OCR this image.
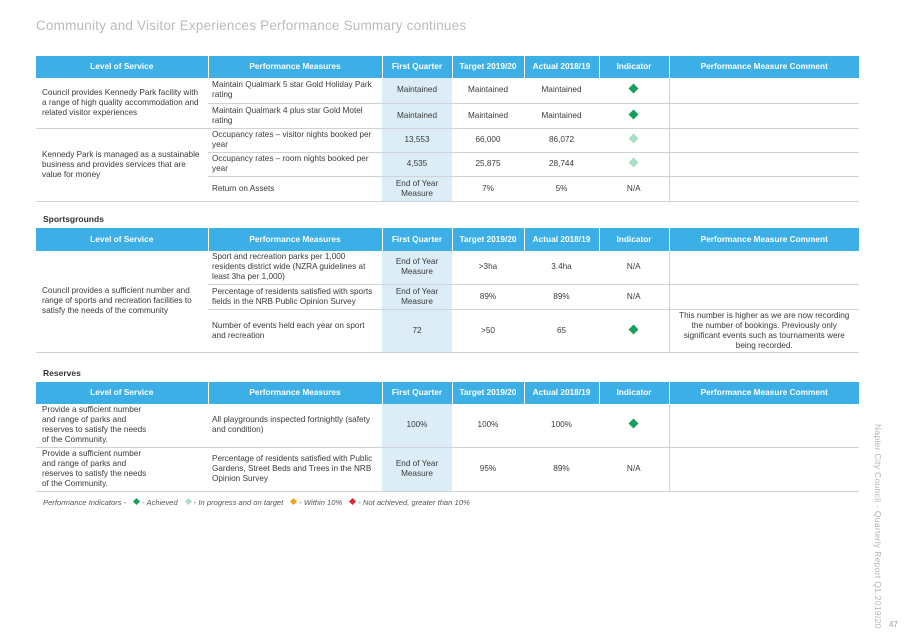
Community and Visitor Experiences Performance Summary continues
Level of Service	Performance Measures	First Quarter	Target 2019/20	Actual 2018/19	Indicator	Performance Measure Comment

Council provides Kennedy Park facility with a range of high quality accommodation and related visitor experiences	Maintain Qualmark 5 star Gold Holiday Park rating	Maintained	Maintained	Maintained		
	Maintain Qualmark 4 plus star Gold Motel rating	Maintained	Maintained	Maintained		

Kennedy Park is managed as a sustainable business and provides services that are value for money	Occupancy rates – visitor nights booked per year	13,553	66,000	86,072		
	Occupancy rates – room nights booked per year	4,535	25,875	28,744		
	Return on Assets	End of Year Measure	7%	5%	N/A	
Sportsgrounds
Level of Service	Performance Measures	First Quarter	Target 2019/20	Actual 2018/19	Indicator	Performance Measure Comment

Council provides a sufficient number and range of sports and recreation facilities to satisfy the needs of the community	Sport and recreation parks per 1,000 residents district wide (NZRA guidelines at least 3ha per 1,000)	End of Year Measure	>3ha	3.4ha	N/A	
	Percentage of residents satisfied with sports fields in the NRB Public Opinion Survey	End of Year Measure	89%	89%	N/A	
	Number of events held each year on sport and recreation	72	>50	65		This number is higher as we are now recording the number of bookings. Previously only significant events such as tournaments were being recorded.
Reserves
Level of Service	Performance Measures	First Quarter	Target 2019/20	Actual 2018/19	Indicator	Performance Measure Comment

Provide a sufficient number and range of parks and reserves to satisfy the needs of the Community.	All playgrounds inspected fortnightly (safety and condition)	100%	100%	100%		

Provide a sufficient number and range of parks and reserves to satisfy the needs of the Community.	Percentage of residents satisfied with Public Gardens, Street Beds and Trees in the NRB Opinion Survey	End of Year Measure	95%	89%	N/A	
Performance Indicators - - Achieved - In progress and on target - Within 10% - Not achieved, greater than 10%	Napier City Council - Quarterly Report Q1 2019/20 47
